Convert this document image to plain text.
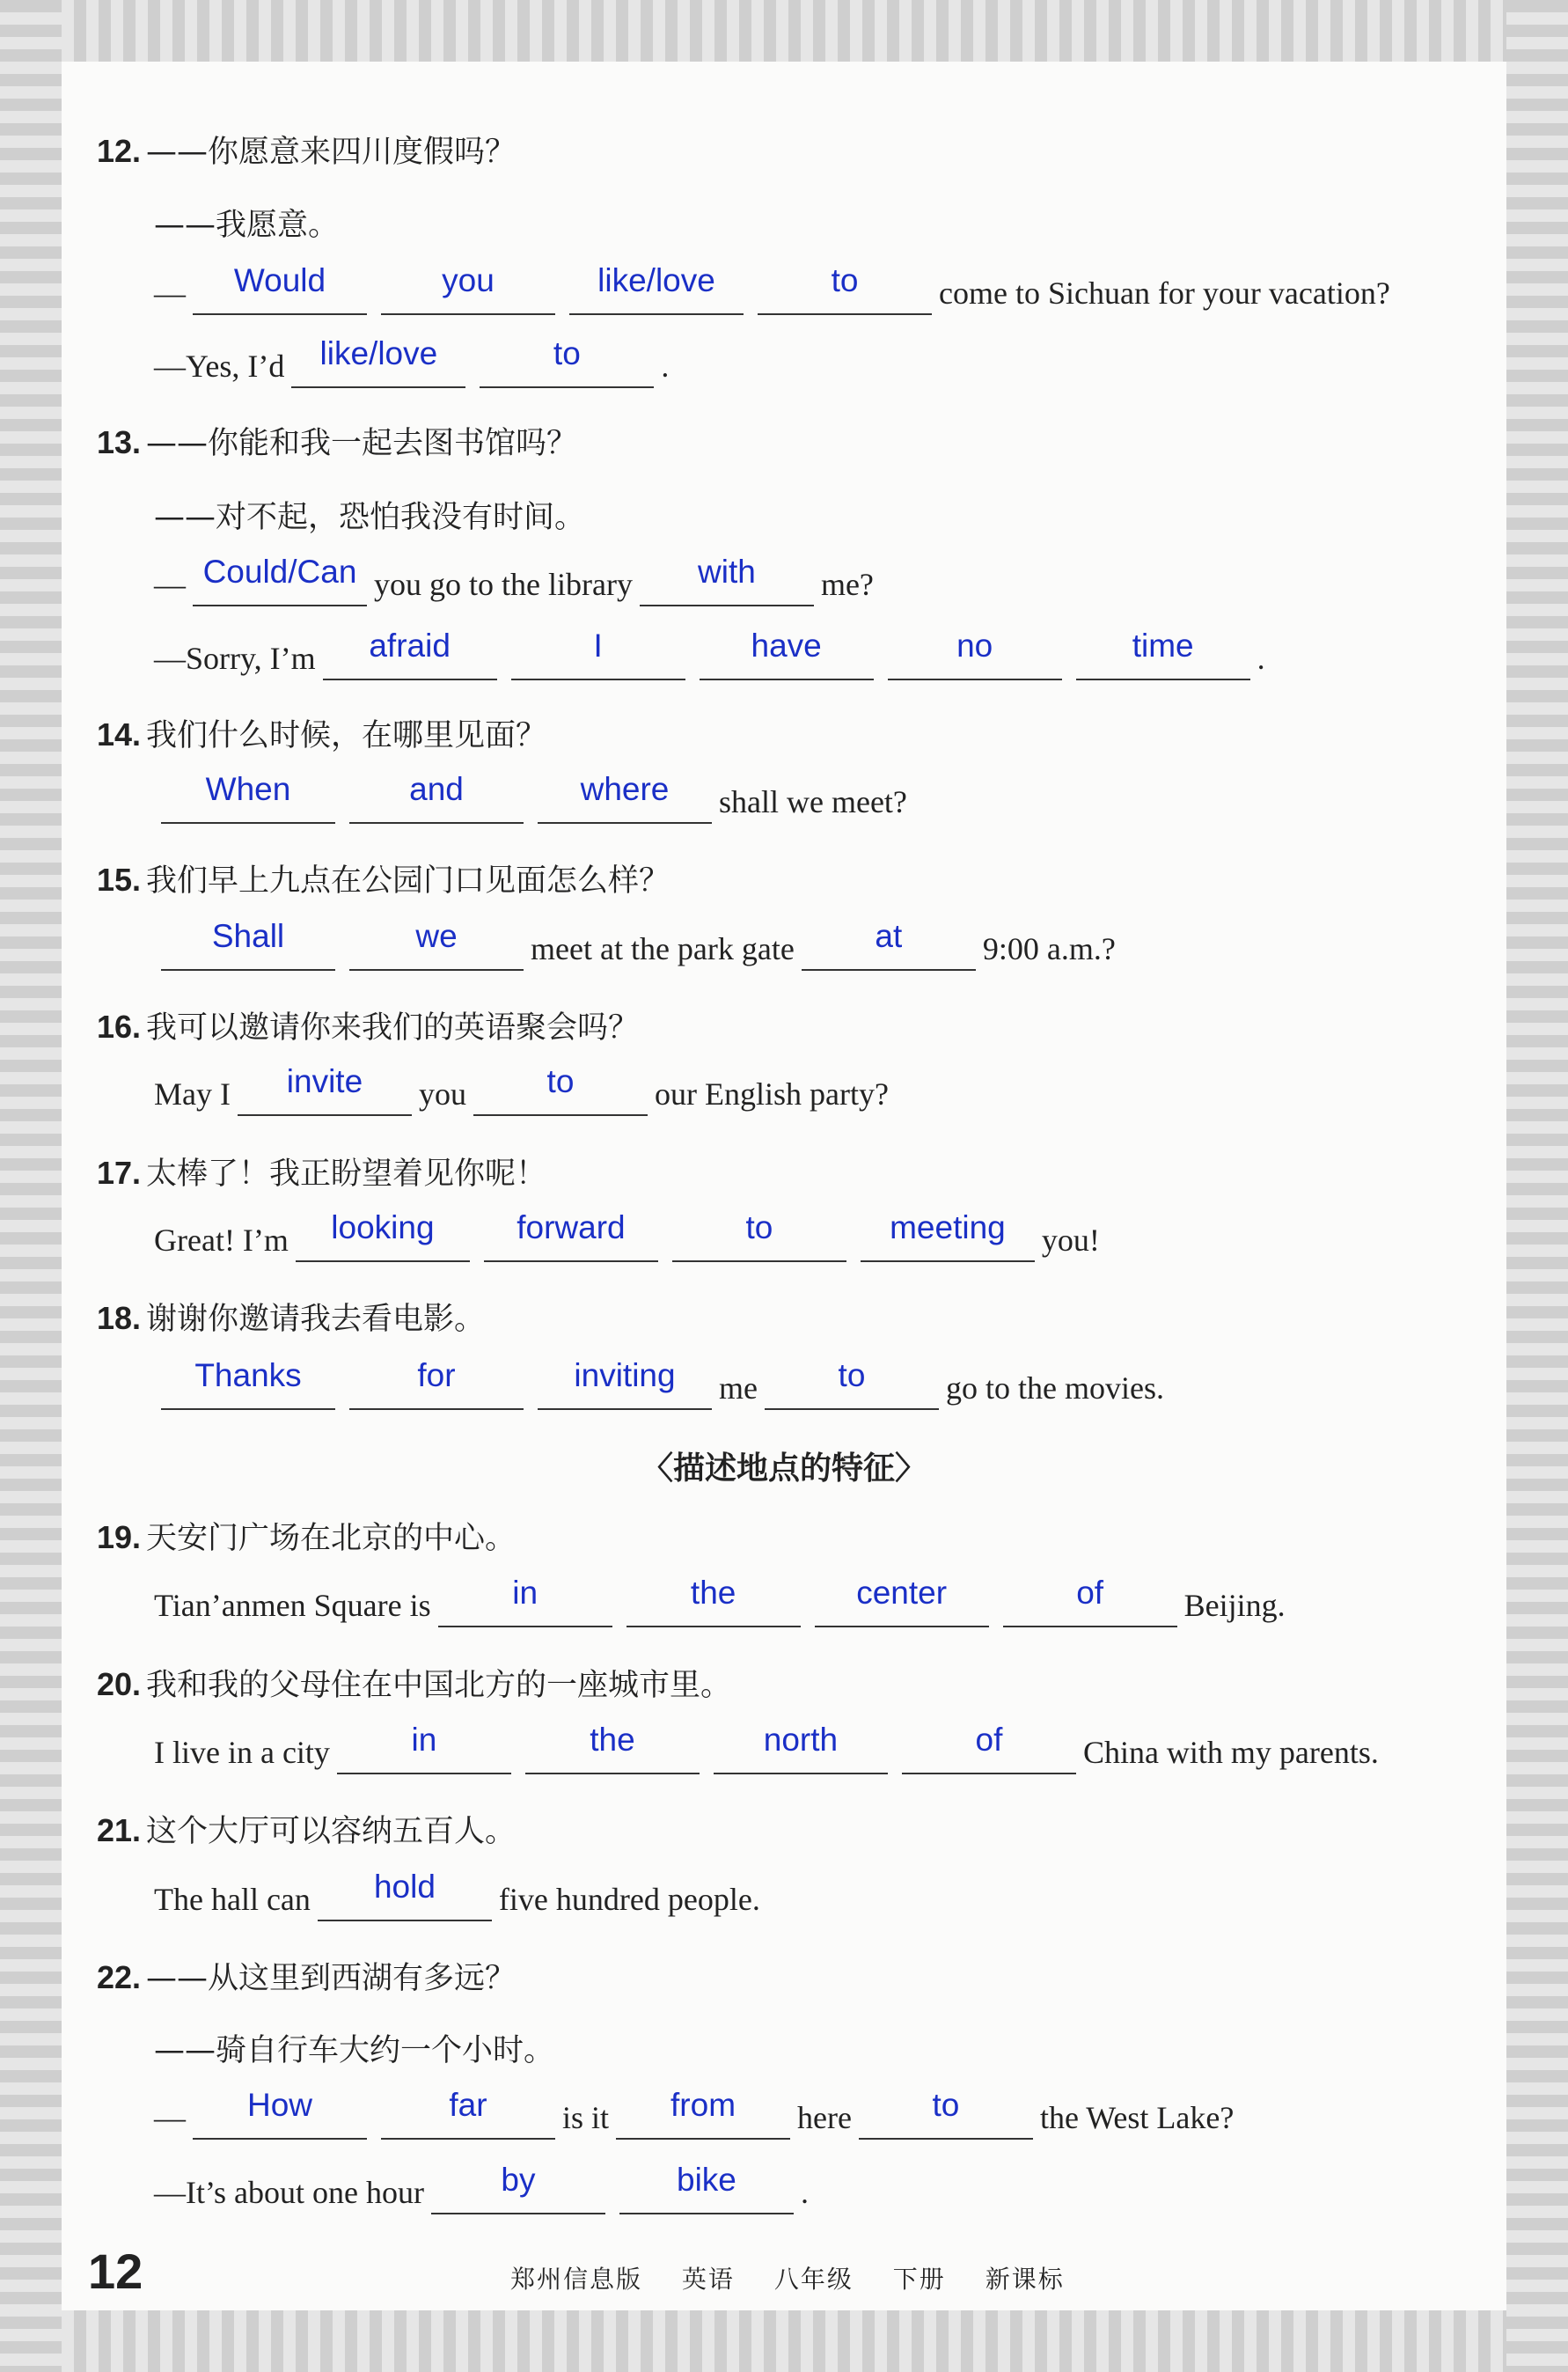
12. ——你愿意来四川度假吗？
——我愿意。
— Would	you	like/love	to	come to Sichuan for your vacation?
—Yes, I’d like/love	to	.
13. ——你能和我一起去图书馆吗？
——对不起，恐怕我没有时间。
— Could/Can you go to the library with me?
—Sorry, I’m afraid	I	have	no	time .
14. 我们什么时候，在哪里见面？
When	and	where shall we meet?
15. 我们早上九点在公园门口见面怎么样？
Shall	we meet at the park gate at	9:00 a.m.?
16. 我可以邀请你来我们的英语聚会吗？
May I invite you to	our English party?
17. 太棒了！我正盼望着见你呢！
Great! I’m looking	forward	to	meeting you!
18. 谢谢你邀请我去看电影。
Thanks	for	inviting me to	go to the movies.
19. 天安门广场在北京的中心。
Tian’anmen Square is	in	the	center	of	Beijing.
20. 我和我的父母住在中国北方的一座城市里。
I live in a city	in	the	north	of	China with my parents.
21. 这个大厅可以容纳五百人。
The hall can hold five hundred people.
22. ——从这里到西湖有多远？
——骑自行车大约一个小时。
— How	far is it from here to	the West Lake?
—It’s about one hour by	bike .
〈描述地点的特征〉
12	郑州信息版 英语 八年级 下册 新课标
